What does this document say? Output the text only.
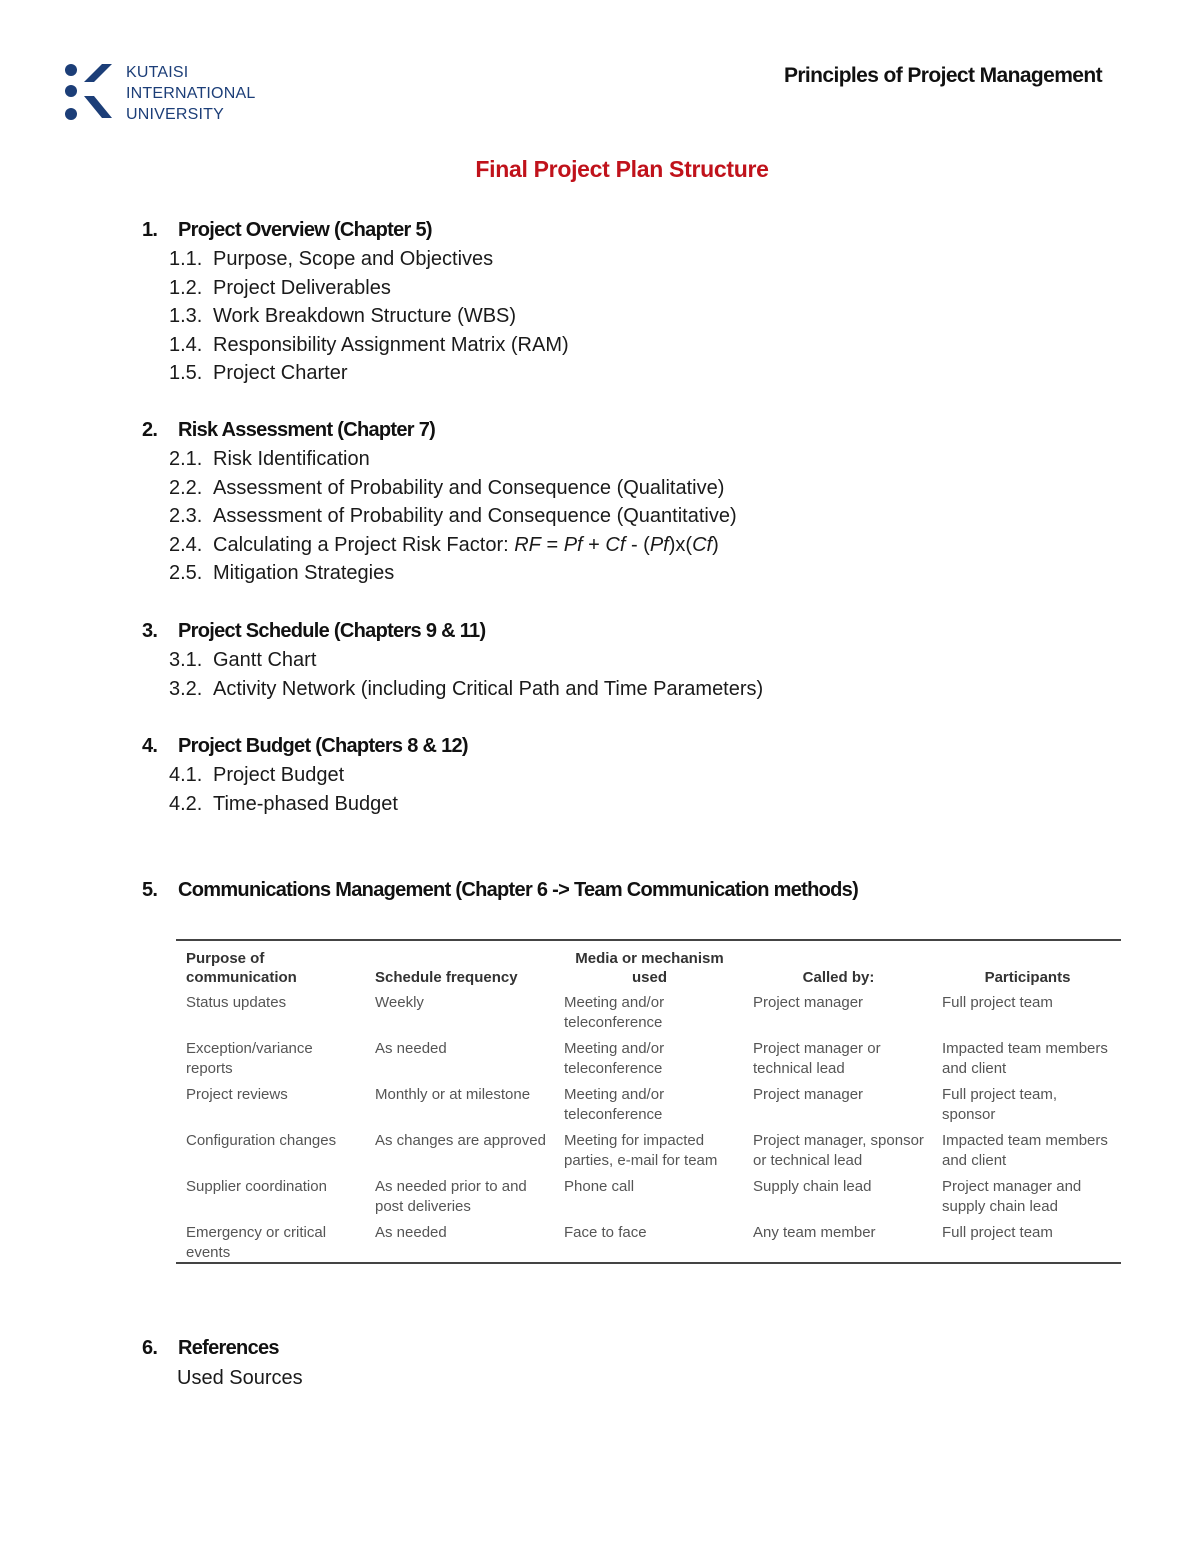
KUTAISI
INTERNATIONAL
UNIVERSITY
Principles of Project Management
Final Project Plan Structure
1. Project Overview (Chapter 5)
1.1. Purpose, Scope and Objectives
1.2. Project Deliverables
1.3. Work Breakdown Structure (WBS)
1.4. Responsibility Assignment Matrix (RAM)
1.5. Project Charter
2. Risk Assessment (Chapter 7)
2.1. Risk Identification
2.2. Assessment of Probability and Consequence (Qualitative)
2.3. Assessment of Probability and Consequence (Quantitative)
2.4. Calculating a Project Risk Factor: RF = Pf + Cf - (Pf)x(Cf)
2.5. Mitigation Strategies
3. Project Schedule (Chapters 9 & 11)
3.1. Gantt Chart
3.2. Activity Network (including Critical Path and Time Parameters)
4. Project Budget (Chapters 8 & 12)
4.1. Project Budget
4.2. Time-phased Budget
5. Communications Management (Chapter 6 -> Team Communication methods)
Purpose of communication	Schedule frequency	Media or mechanism used	Called by:	Participants
Status updates	Weekly	Meeting and/or teleconference	Project manager	Full project team
Exception/variance reports	As needed	Meeting and/or teleconference	Project manager or technical lead	Impacted team members and client
Project reviews	Monthly or at milestone	Meeting and/or teleconference	Project manager	Full project team, sponsor
Configuration changes	As changes are approved	Meeting for impacted parties, e-mail for team	Project manager, sponsor or technical lead	Impacted team members and client
Supplier coordination	As needed prior to and post deliveries	Phone call	Supply chain lead	Project manager and supply chain lead
Emergency or critical events	As needed	Face to face	Any team member	Full project team
6. References
Used Sources
